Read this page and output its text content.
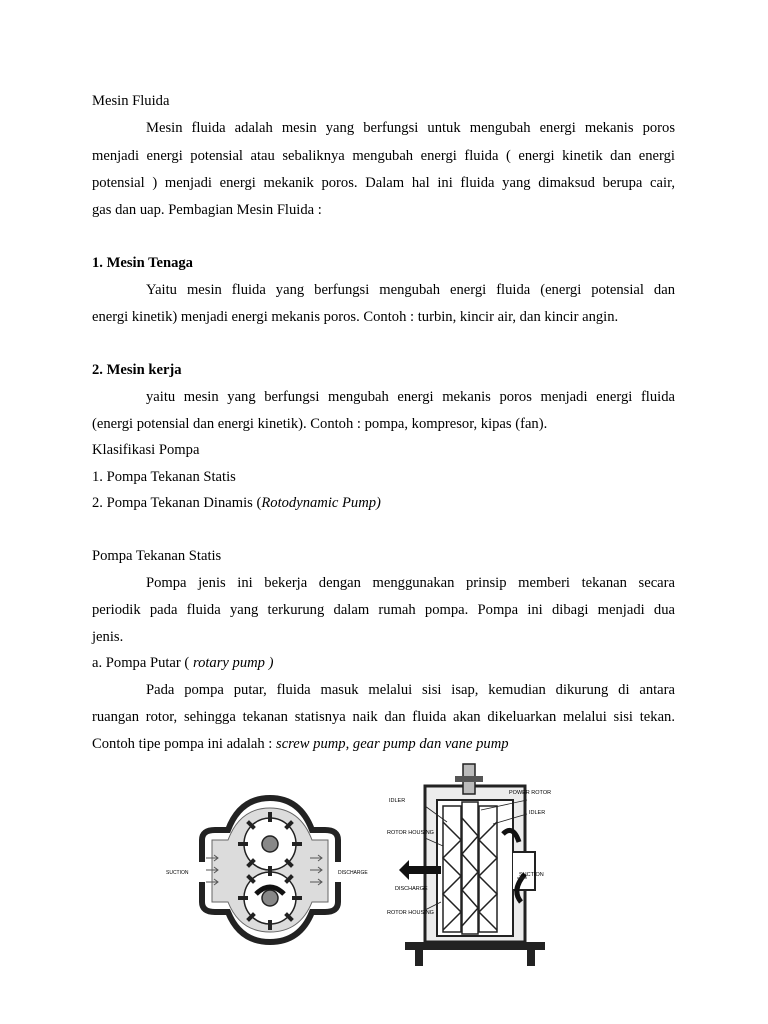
Mesin Fluida
Mesin fluida adalah mesin yang berfungsi untuk mengubah energi mekanis poros
menjadi energi potensial atau sebaliknya mengubah energi fluida ( energi kinetik dan energi
potensial ) menjadi energi mekanik poros. Dalam hal ini fluida yang dimaksud berupa cair,
gas dan uap. Pembagian Mesin Fluida :
1. Mesin Tenaga
Yaitu mesin fluida yang berfungsi mengubah energi fluida (energi potensial dan
energi kinetik) menjadi energi mekanis poros. Contoh : turbin, kincir air, dan kincir angin.
2. Mesin kerja
yaitu mesin yang berfungsi mengubah energi mekanis poros menjadi energi fluida
(energi potensial dan energi kinetik). Contoh : pompa, kompresor, kipas (fan).
Klasifikasi Pompa
1. Pompa Tekanan Statis
2. Pompa Tekanan Dinamis (Rotodynamic Pump)
Pompa Tekanan Statis
Pompa jenis ini bekerja dengan menggunakan prinsip memberi tekanan secara
periodik pada fluida yang terkurung dalam rumah pompa. Pompa ini dibagi menjadi dua
jenis.
a. Pompa Putar ( rotary pump )
Pada pompa putar, fluida masuk melalui sisi isap, kemudian dikurung di antara
ruangan rotor, sehingga tekanan statisnya naik dan fluida akan dikeluarkan melalui sisi tekan.
Contoh tipe pompa ini adalah : screw pump, gear pump dan vane pump
SUCTION	DISCHARGE
IDLER
ROTOR HOUSING
DISCHARGE
ROTOR HOUSING
POWER ROTOR
IDLER
SUCTION
